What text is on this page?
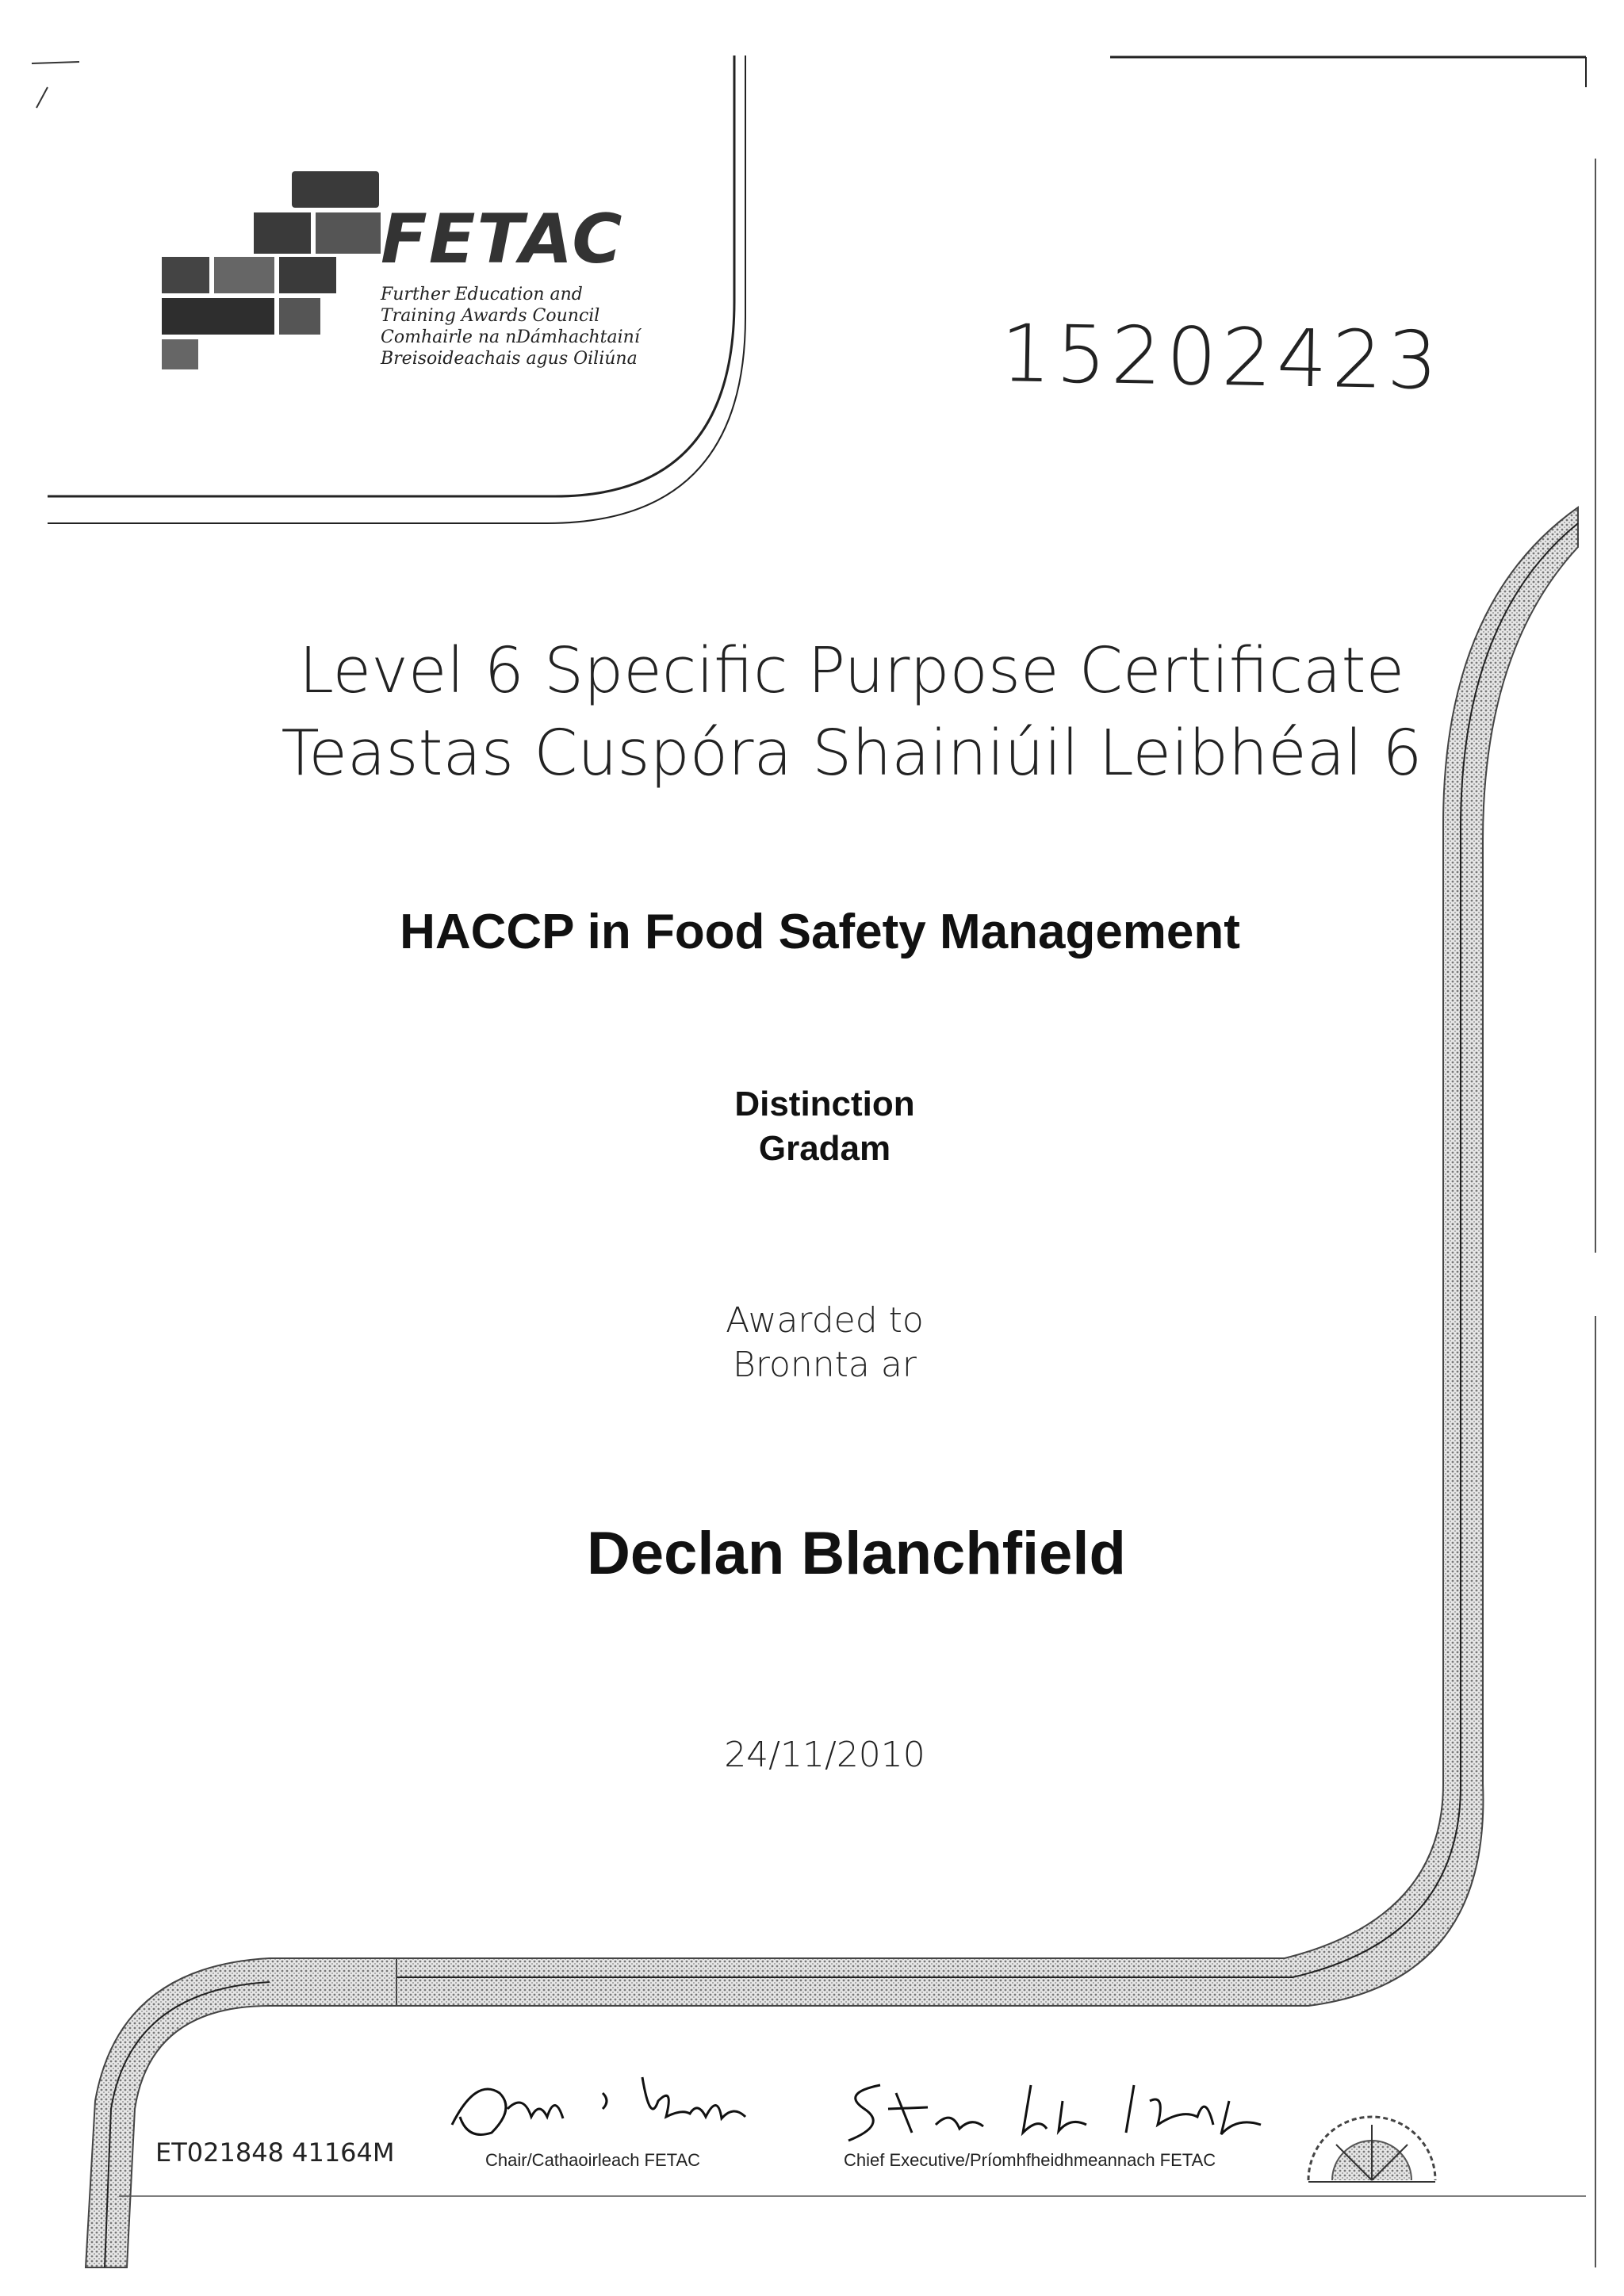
FETAC
Further Education and
Training Awards Council
Comhairle na nDámhachtainí
Breisoideachais agus Oiliúna	15202423
Level 6 Specific Purpose Certificate
Teastas Cuspóra Shainiúil Leibhéal 6
HACCP in Food Safety Management
Distinction
Gradam
Awarded to
Bronnta ar
Declan Blanchfield
24/11/2010
ET021848 41164M	Chair/Cathaoirleach FETAC	Chief Executive/Príomhfheidhmeannach FETAC
